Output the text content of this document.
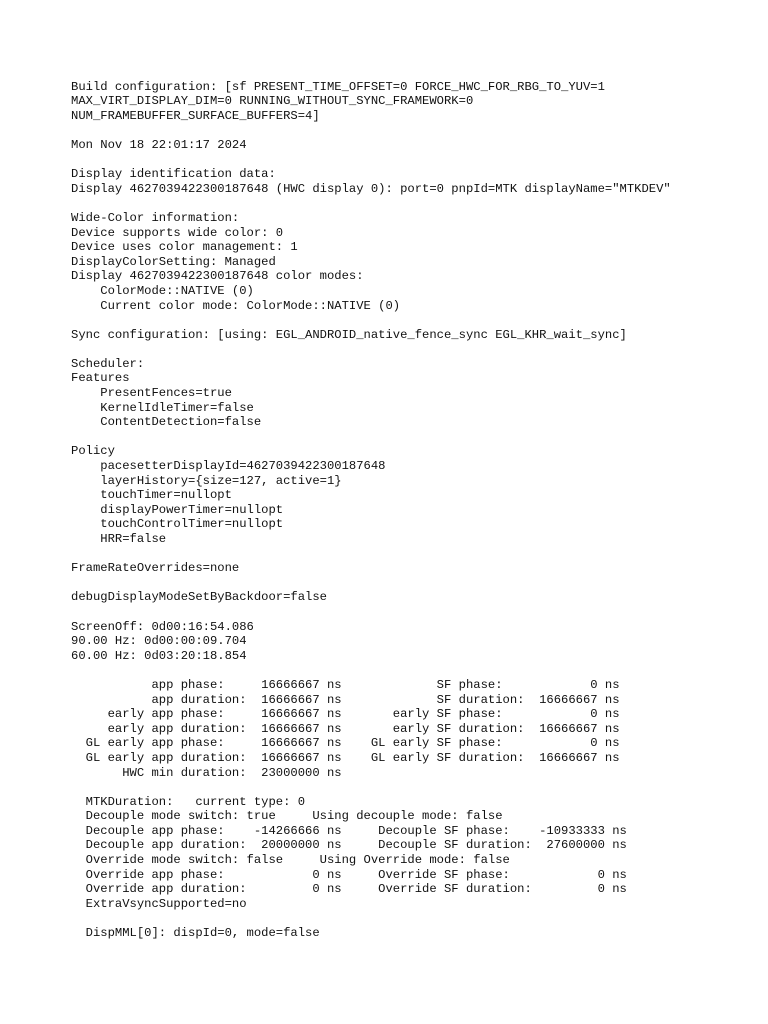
Build configuration: [sf PRESENT_TIME_OFFSET=0 FORCE_HWC_FOR_RBG_TO_YUV=1
MAX_VIRT_DISPLAY_DIM=0 RUNNING_WITHOUT_SYNC_FRAMEWORK=0
NUM_FRAMEBUFFER_SURFACE_BUFFERS=4]
Mon Nov 18 22:01:17 2024
Display identification data:
Display 4627039422300187648 (HWC display 0): port=0 pnpId=MTK displayName="MTKDEV"
Wide-Color information:
Device supports wide color: 0
Device uses color management: 1
DisplayColorSetting: Managed
Display 4627039422300187648 color modes:
ColorMode::NATIVE (0)
Current color mode: ColorMode::NATIVE (0)
Sync configuration: [using: EGL_ANDROID_native_fence_sync EGL_KHR_wait_sync]
Scheduler:
Features
PresentFences=true
KernelIdleTimer=false
ContentDetection=false
Policy
pacesetterDisplayId=4627039422300187648
layerHistory={size=127, active=1}
touchTimer=nullopt
displayPowerTimer=nullopt
touchControlTimer=nullopt
HRR=false
FrameRateOverrides=none
debugDisplayModeSetByBackdoor=false
ScreenOff: 0d00:16:54.086
90.00 Hz: 0d00:00:09.704
60.00 Hz: 0d03:20:18.854
app phase:     16666667 ns             SF phase:            0 ns
app duration:  16666667 ns             SF duration:  16666667 ns
early app phase:     16666667 ns       early SF phase:            0 ns
early app duration:  16666667 ns       early SF duration:  16666667 ns
GL early app phase:     16666667 ns    GL early SF phase:            0 ns
GL early app duration:  16666667 ns    GL early SF duration:  16666667 ns
HWC min duration:  23000000 ns
MTKDuration:   current type: 0
Decouple mode switch: true     Using decouple mode: false
Decouple app phase:    -14266666 ns     Decouple SF phase:    -10933333 ns
Decouple app duration:  20000000 ns     Decouple SF duration:  27600000 ns
Override mode switch: false     Using Override mode: false
Override app phase:            0 ns     Override SF phase:            0 ns
Override app duration:         0 ns     Override SF duration:         0 ns
ExtraVsyncSupported=no
DispMML[0]: dispId=0, mode=false
